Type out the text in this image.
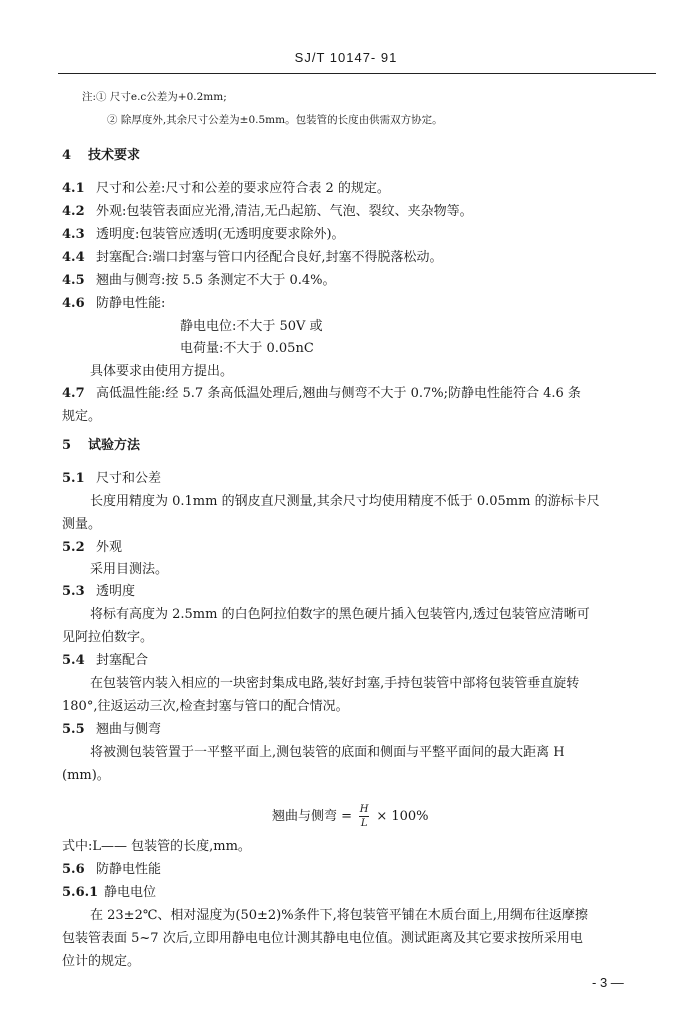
SJ/T 10147- 91
注:① 尺寸e.c公差为+0.2mm;
② 除厚度外,其余尺寸公差为±0.5mm。包装管的长度由供需双方协定。
4 技术要求
4.1 尺寸和公差:尺寸和公差的要求应符合表 2 的规定。
4.2 外观:包装管表面应光滑,清洁,无凸起筋、气泡、裂纹、夹杂物等。
4.3 透明度:包装管应透明(无透明度要求除外)。
4.4 封塞配合:端口封塞与管口内径配合良好,封塞不得脱落松动。
4.5 翘曲与侧弯:按 5.5 条测定不大于 0.4%。
4.6 防静电性能:
静电电位:不大于 50V 或
电荷量:不大于 0.05nC
具体要求由使用方提出。
4.7 高低温性能:经 5.7 条高低温处理后,翘曲与侧弯不大于 0.7%;防静电性能符合 4.6 条
规定。
5 试验方法
5.1 尺寸和公差
长度用精度为 0.1mm 的钢皮直尺测量,其余尺寸均使用精度不低于 0.05mm 的游标卡尺
测量。
5.2 外观
采用目测法。
5.3 透明度
将标有高度为 2.5mm 的白色阿拉伯数字的黑色硬片插入包装管内,透过包装管应清晰可
见阿拉伯数字。
5.4 封塞配合
在包装管内装入相应的一块密封集成电路,装好封塞,手持包装管中部将包装管垂直旋转
180°,往返运动三次,检查封塞与管口的配合情况。
5.5 翘曲与侧弯
将被测包装管置于一平整平面上,测包装管的底面和侧面与平整平面间的最大距离 H
(mm)。
翘曲与侧弯 = $\frac{H}{L} \times 100\%$
式中:L—— 包装管的长度,mm。
5.6 防静电性能
5.6.1 静电电位
在 23±2℃、相对湿度为(50±2)%条件下,将包装管平铺在木质台面上,用绸布往返摩擦
包装管表面 5~7 次后,立即用静电电位计测其静电电位值。测试距离及其它要求按所采用电
位计的规定。
- 3 —
